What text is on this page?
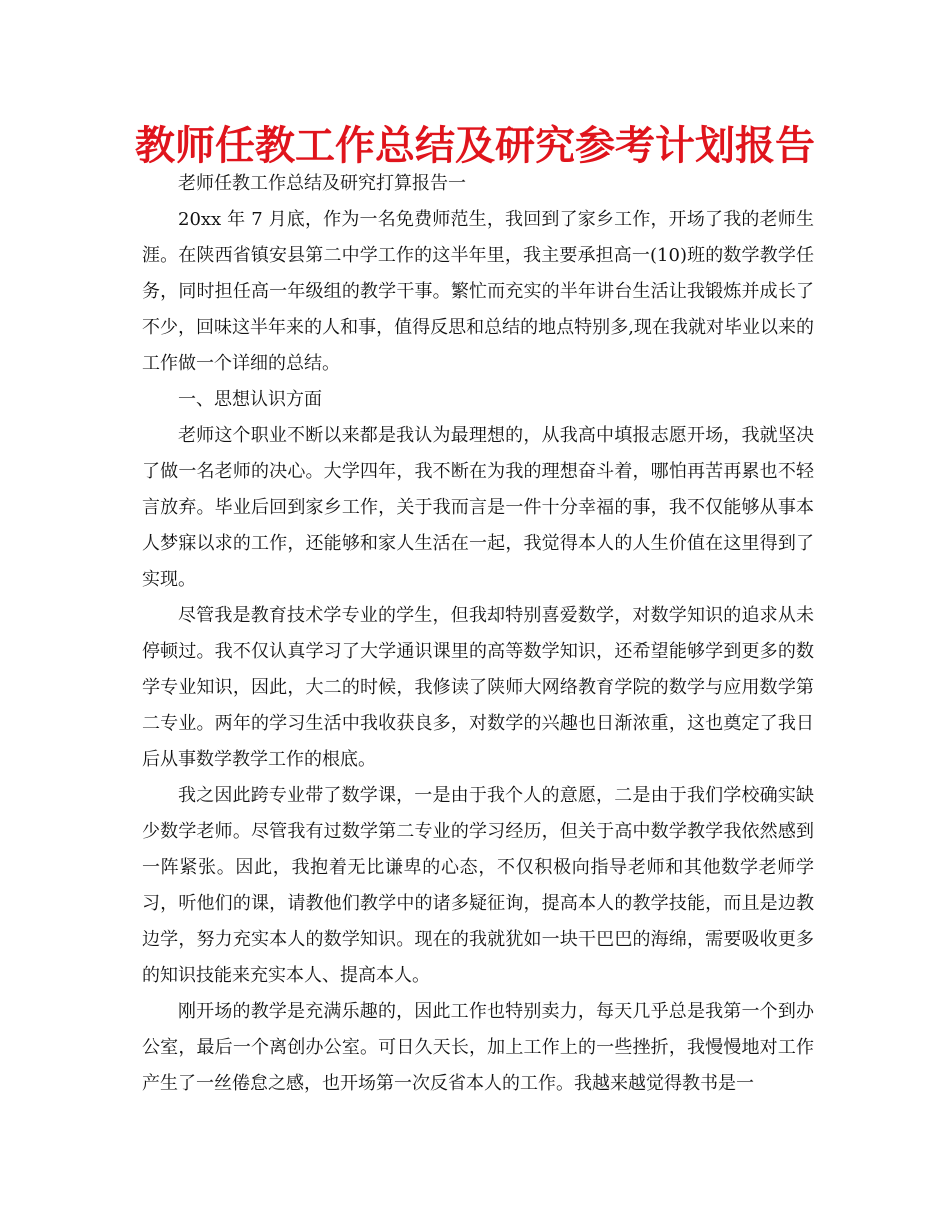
教师任教工作总结及研究参考计划报告

老师任教工作总结及研究打算报告一

20xx 年 7 月底，作为一名免费师范生，我回到了家乡工作，开场了我的老师生涯。在陕西省镇安县第二中学工作的这半年里，我主要承担高一(10)班的数学教学任务，同时担任高一年级组的教学干事。繁忙而充实的半年讲台生活让我锻炼并成长了不少，回味这半年来的人和事，值得反思和总结的地点特别多,现在我就对毕业以来的工作做一个详细的总结。

一、思想认识方面

老师这个职业不断以来都是我认为最理想的，从我高中填报志愿开场，我就坚决了做一名老师的决心。大学四年，我不断在为我的理想奋斗着，哪怕再苦再累也不轻言放弃。毕业后回到家乡工作，关于我而言是一件十分幸福的事，我不仅能够从事本人梦寐以求的工作，还能够和家人生活在一起，我觉得本人的人生价值在这里得到了实现。

尽管我是教育技术学专业的学生，但我却特别喜爱数学，对数学知识的追求从未停顿过。我不仅认真学习了大学通识课里的高等数学知识，还希望能够学到更多的数学专业知识，因此，大二的时候，我修读了陕师大网络教育学院的数学与应用数学第二专业。两年的学习生活中我收获良多，对数学的兴趣也日渐浓重，这也奠定了我日后从事数学教学工作的根底。

我之因此跨专业带了数学课，一是由于我个人的意愿，二是由于我们学校确实缺少数学老师。尽管我有过数学第二专业的学习经历，但关于高中数学教学我依然感到一阵紧张。因此，我抱着无比谦卑的心态，不仅积极向指导老师和其他数学老师学习，听他们的课，请教他们教学中的诸多疑征询，提高本人的教学技能，而且是边教边学，努力充实本人的数学知识。现在的我就犹如一块干巴巴的海绵，需要吸收更多的知识技能来充实本人、提高本人。

刚开场的教学是充满乐趣的，因此工作也特别卖力，每天几乎总是我第一个到办公室，最后一个离创办公室。可日久天长，加上工作上的一些挫折，我慢慢地对工作产生了一丝倦怠之感，也开场第一次反省本人的工作。我越来越觉得教书是一
